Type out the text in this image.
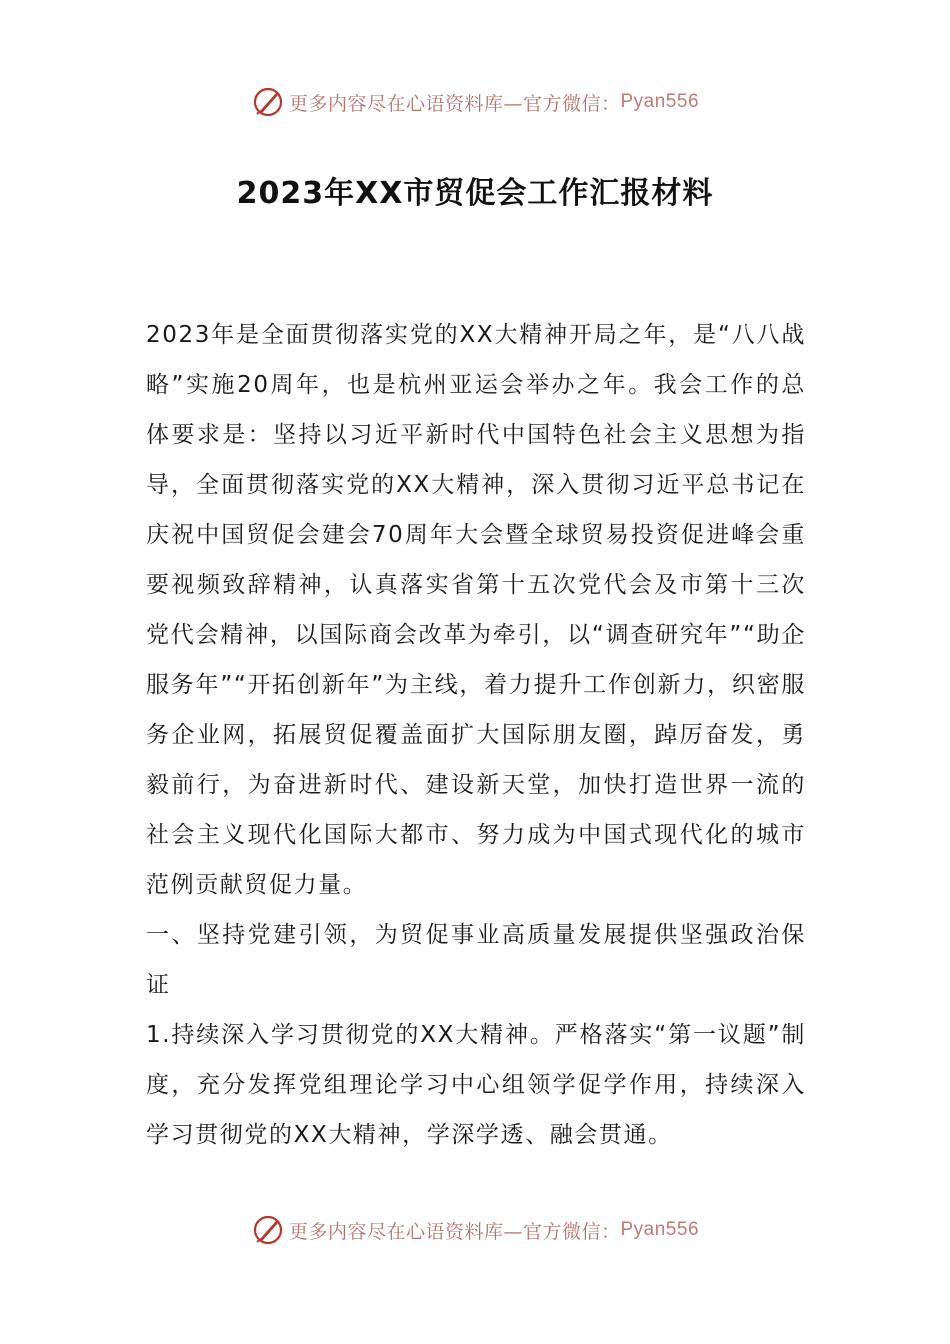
更多内容尽在心语资料库—官方微信： Pyan556
2023年XX市贸促会工作汇报材料

2023年是全面贯彻落实党的XX大精神开局之年，是“八八战略”实施20周年，也是杭州亚运会举办之年。我会工作的总体要求是：坚持以习近平新时代中国特色社会主义思想为指导，全面贯彻落实党的XX大精神，深入贯彻习近平总书记在庆祝中国贸促会建会70周年大会暨全球贸易投资促进峰会重要视频致辞精神，认真落实省第十五次党代会及市第十三次党代会精神，以国际商会改革为牵引，以“调查研究年”“助企服务年”“开拓创新年”为主线，着力提升工作创新力，织密服务企业网，拓展贸促覆盖面扩大国际朋友圈，踔厉奋发，勇毅前行，为奋进新时代、建设新天堂，加快打造世界一流的社会主义现代化国际大都市、努力成为中国式现代化的城市范例贡献贸促力量。

一、坚持党建引领，为贸促事业高质量发展提供坚强政治保证

1.持续深入学习贯彻党的XX大精神。严格落实“第一议题”制度，充分发挥党组理论学习中心组领学促学作用，持续深入学习贯彻党的XX大精神，学深学透、融会贯通。

更多内容尽在心语资料库—官方微信： Pyan556
